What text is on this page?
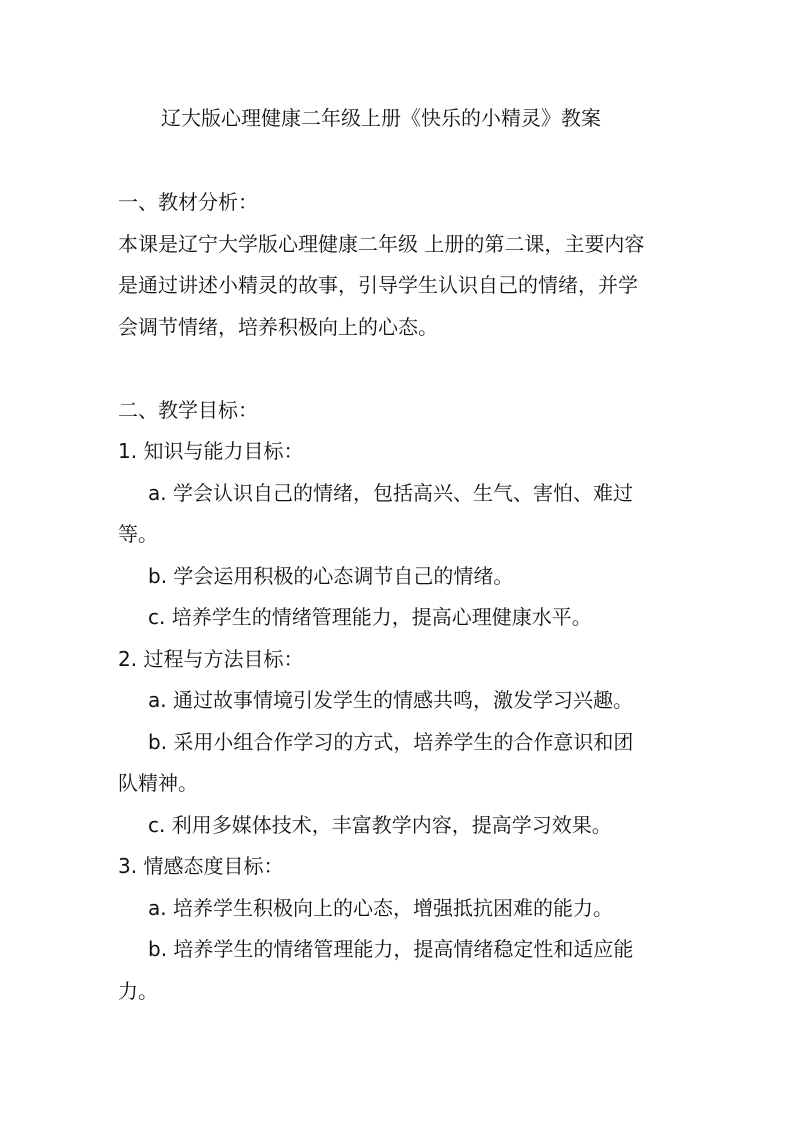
辽大版心理健康二年级上册《快乐的小精灵》教案
一、教材分析：
本课是辽宁大学版心理健康二年级 上册的第二课，主要内容
是通过讲述小精灵的故事，引导学生认识自己的情绪，并学
会调节情绪，培养积极向上的心态。
二、教学目标：
1. 知识与能力目标：
a. 学会认识自己的情绪，包括高兴、生气、害怕、难过
等。
b. 学会运用积极的心态调节自己的情绪。
c. 培养学生的情绪管理能力，提高心理健康水平。
2. 过程与方法目标：
a. 通过故事情境引发学生的情感共鸣，激发学习兴趣。
b. 采用小组合作学习的方式，培养学生的合作意识和团
队精神。
c. 利用多媒体技术，丰富教学内容，提高学习效果。
3. 情感态度目标：
a. 培养学生积极向上的心态，增强抵抗困难的能力。
b. 培养学生的情绪管理能力，提高情绪稳定性和适应能
力。
